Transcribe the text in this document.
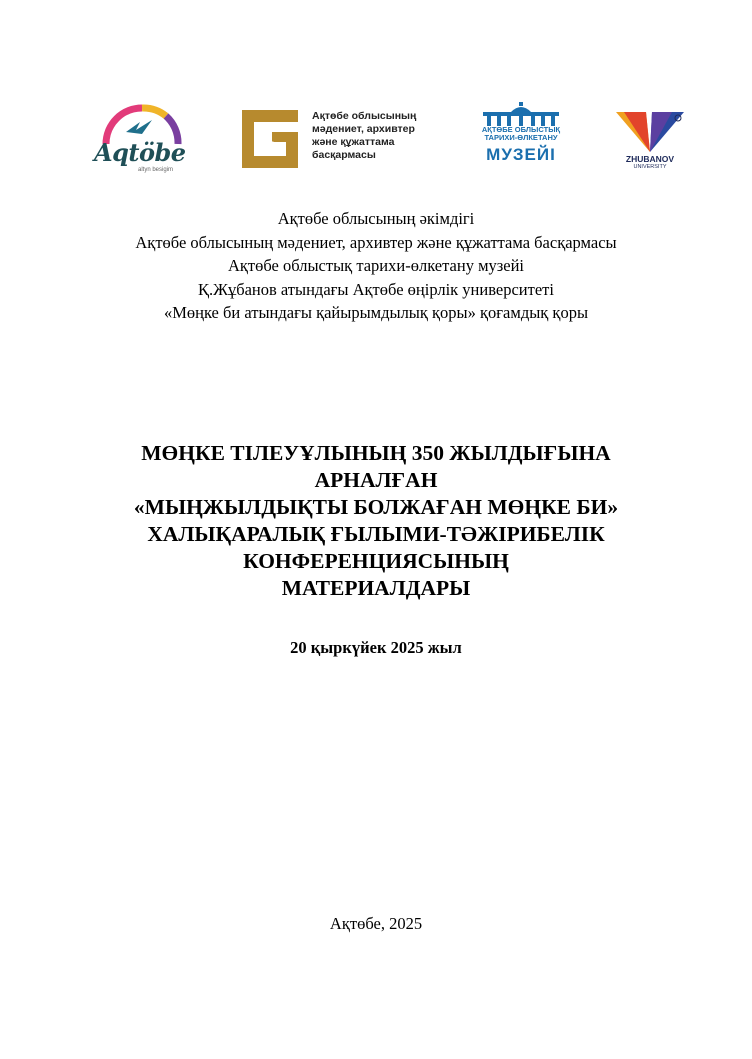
Aqtöbe
altyn besigim
Ақтөбе облысының
мәдениет, архивтер
және құжаттама
басқармасы
АҚТӨБЕ ОБЛЫСТЫҚ
ТАРИХИ-ӨЛКЕТАНУ
МУЗЕЙІ	ZHUBANOV
UNIVERSITY
Ақтөбе облысының әкімдігі
Ақтөбе облысының мәдениет, архивтер және құжаттама басқармасы
Ақтөбе облыстық тарихи-өлкетану музейі
Қ.Жұбанов атындағы Ақтөбе өңірлік университеті
«Мөңке би атындағы қайырымдылық қоры» қоғамдық қоры
МӨҢКЕ ТІЛЕУҰЛЫНЫҢ 350 ЖЫЛДЫҒЫНА
АРНАЛҒАН
«МЫҢЖЫЛДЫҚТЫ БОЛЖАҒАН МӨҢКЕ БИ»
ХАЛЫҚАРАЛЫҚ ҒЫЛЫМИ-ТӘЖІРИБЕЛІК
КОНФЕРЕНЦИЯСЫНЫҢ
МАТЕРИАЛДАРЫ
20 қыркүйек 2025 жыл
Ақтөбе, 2025
